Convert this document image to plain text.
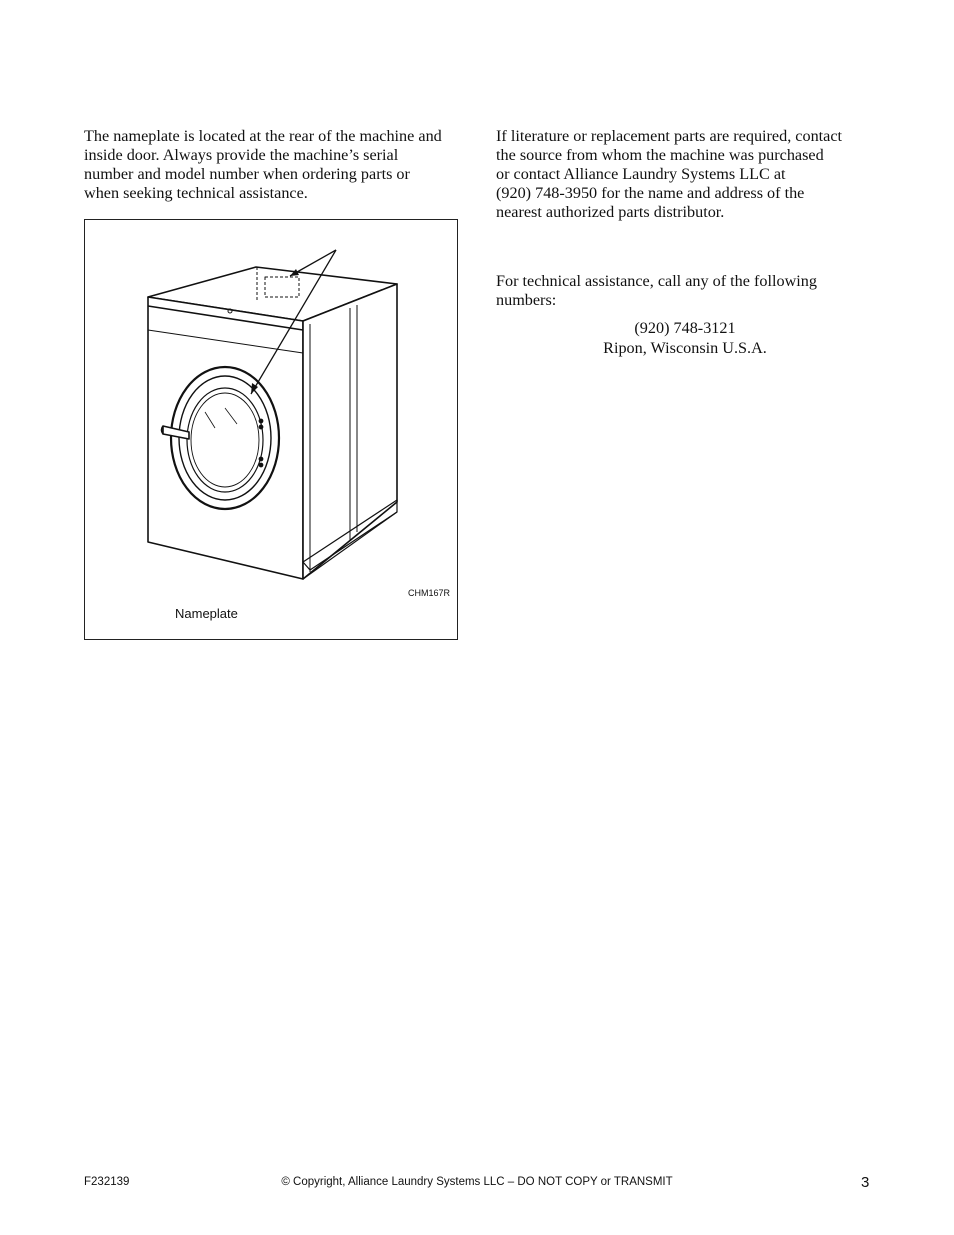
The nameplate is located at the rear of the machine and
inside door. Always provide the machine’s serial
number and model number when ordering parts or
when seeking technical assistance.

CHM167R
Nameplate

If literature or replacement parts are required, contact
the source from whom the machine was purchased
or contact Alliance Laundry Systems LLC at
(920) 748-3950 for the name and address of the
nearest authorized parts distributor.

For technical assistance, call any of the following
numbers:

(920) 748-3121
Ripon, Wisconsin U.S.A.
F232139	© Copyright, Alliance Laundry Systems LLC – DO NOT COPY or TRANSMIT	3
